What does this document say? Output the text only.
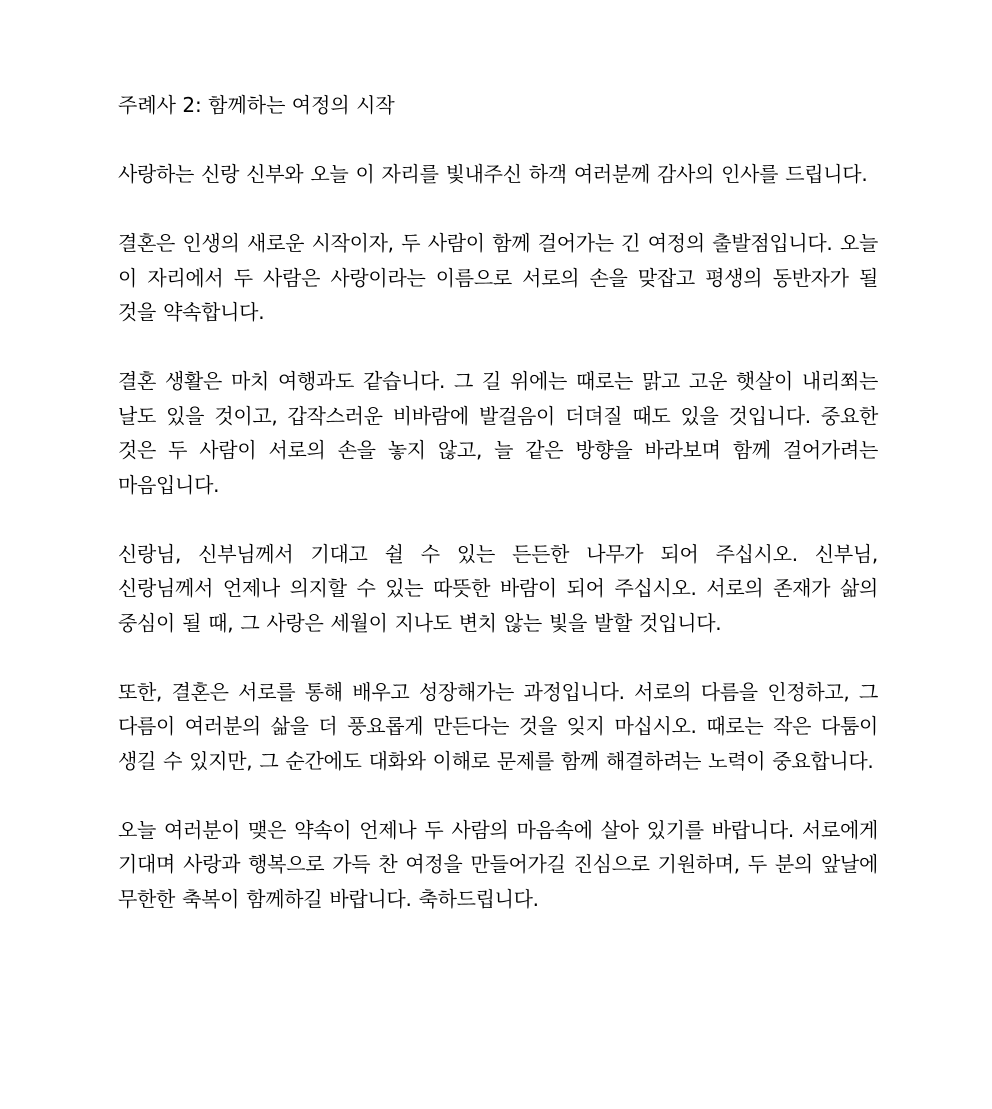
주례사 2: 함께하는 여정의 시작

사랑하는 신랑 신부와 오늘 이 자리를 빛내주신 하객 여러분께 감사의 인사를 드립니다.

결혼은 인생의 새로운 시작이자, 두 사람이 함께 걸어가는 긴 여정의 출발점입니다. 오늘 이 자리에서 두 사람은 사랑이라는 이름으로 서로의 손을 맞잡고 평생의 동반자가 될 것을 약속합니다.

결혼 생활은 마치 여행과도 같습니다. 그 길 위에는 때로는 맑고 고운 햇살이 내리쬐는 날도 있을 것이고, 갑작스러운 비바람에 발걸음이 더뎌질 때도 있을 것입니다. 중요한 것은 두 사람이 서로의 손을 놓지 않고, 늘 같은 방향을 바라보며 함께 걸어가려는 마음입니다.

신랑님, 신부님께서 기대고 쉴 수 있는 든든한 나무가 되어 주십시오. 신부님, 신랑님께서 언제나 의지할 수 있는 따뜻한 바람이 되어 주십시오. 서로의 존재가 삶의 중심이 될 때, 그 사랑은 세월이 지나도 변치 않는 빛을 발할 것입니다.

또한, 결혼은 서로를 통해 배우고 성장해가는 과정입니다. 서로의 다름을 인정하고, 그 다름이 여러분의 삶을 더 풍요롭게 만든다는 것을 잊지 마십시오. 때로는 작은 다툼이 생길 수 있지만, 그 순간에도 대화와 이해로 문제를 함께 해결하려는 노력이 중요합니다.

오늘 여러분이 맺은 약속이 언제나 두 사람의 마음속에 살아 있기를 바랍니다. 서로에게 기대며 사랑과 행복으로 가득 찬 여정을 만들어가길 진심으로 기원하며, 두 분의 앞날에 무한한 축복이 함께하길 바랍니다. 축하드립니다.
